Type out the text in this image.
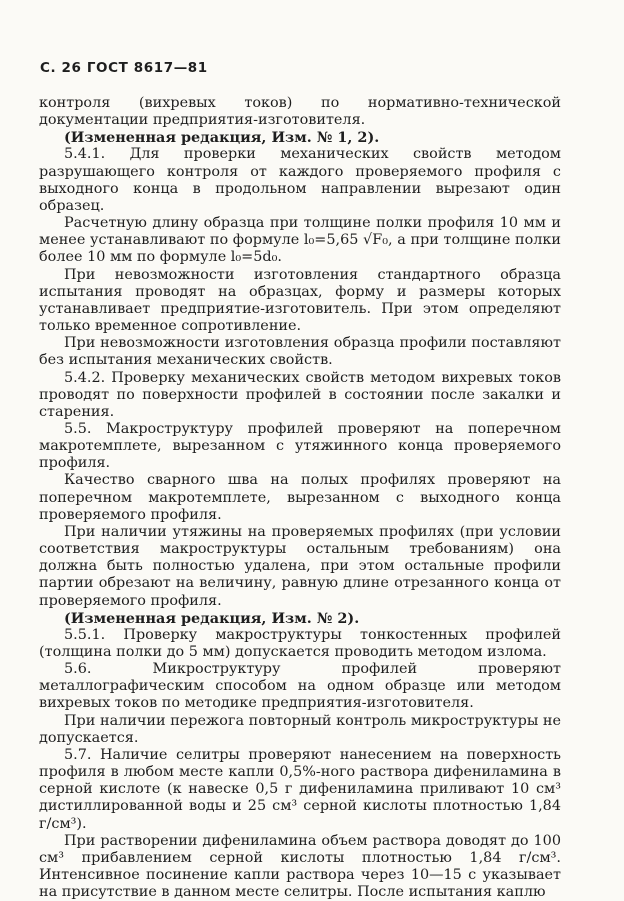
С. 26 ГОСТ 8617—81
контроля (вихревых токов) по нормативно-технической документации предприятия-изготовителя.
(Измененная редакция, Изм. № 1, 2).
5.4.1. Для проверки механических свойств методом разрушающего контроля от каждого проверяемого профиля с выходного конца в продольном направлении вырезают один образец.
Расчетную длину образца при толщине полки профиля 10 мм и менее устанавливают по формуле l₀=5,65 √F₀, а при толщине полки более 10 мм по формуле l₀=5d₀.
При невозможности изготовления стандартного образца испытания проводят на образцах, форму и размеры которых устанавливает предприятие-изготовитель. При этом определяют только временное сопротивление.
При невозможности изготовления образца профили поставляют без испытания механических свойств.
5.4.2. Проверку механических свойств методом вихревых токов проводят по поверхности профилей в состоянии после закалки и старения.
5.5. Макроструктуру профилей проверяют на поперечном макротемплете, вырезанном с утяжинного конца проверяемого профиля.
Качество сварного шва на полых профилях проверяют на поперечном макротемплете, вырезанном с выходного конца проверяемого профиля.
При наличии утяжины на проверяемых профилях (при условии соответствия макроструктуры остальным требованиям) она должна быть полностью удалена, при этом остальные профили партии обрезают на величину, равную длине отрезанного конца от проверяемого профиля.
(Измененная редакция, Изм. № 2).
5.5.1. Проверку макроструктуры тонкостенных профилей (толщина полки до 5 мм) допускается проводить методом излома.
5.6. Микроструктуру профилей проверяют металлографическим способом на одном образце или методом вихревых токов по методике предприятия-изготовителя.
При наличии пережога повторный контроль микроструктуры не допускается.
5.7. Наличие селитры проверяют нанесением на поверхность профиля в любом месте капли 0,5%-ного раствора дифениламина в серной кислоте (к навеске 0,5 г дифениламина приливают 10 см³ дистиллированной воды и 25 см³ серной кислоты плотностью 1,84 г/см³).
При растворении дифениламина объем раствора доводят до 100 см³ прибавлением серной кислоты плотностью 1,84 г/см³. Интенсивное посинение капли раствора через 10—15 с указывает на присутствие в данном месте селитры. После испытания каплю
